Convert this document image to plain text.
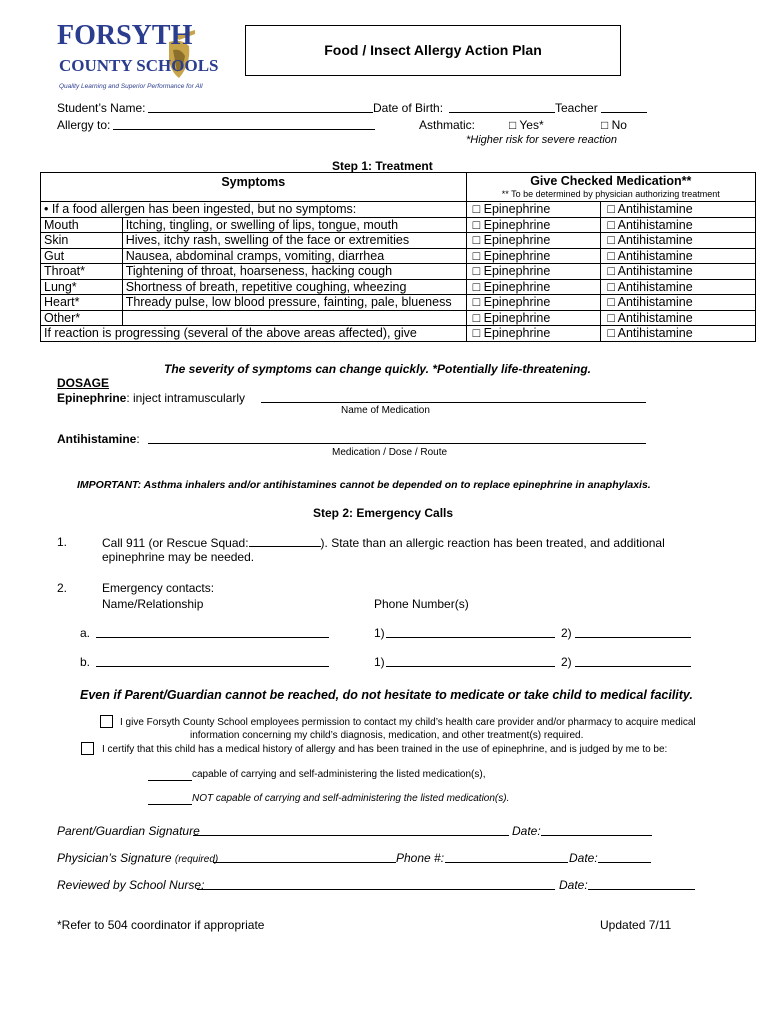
FORSYTH
COUNTY SCHOOLS
Quality Learning and Superior Performance for All
Food / Insect Allergy Action Plan
Student’s Name:	Date of Birth:	Teacher
Allergy to:	Asthmatic:	□ Yes*	□ No
*Higher risk for severe reaction
Step 1: Treatment
Symptoms		Give Checked Medication**
** To be determined by physician authorizing treatment	

• If a food allergen has been ingested, but no symptoms:		□ Epinephrine	□ Antihistamine
Mouth	Itching, tingling, or swelling of lips, tongue, mouth	□ Epinephrine	□ Antihistamine
Skin	Hives, itchy rash, swelling of the face or extremities	□ Epinephrine	□ Antihistamine
Gut	Nausea, abdominal cramps, vomiting, diarrhea	□ Epinephrine	□ Antihistamine
Throat*	Tightening of throat, hoarseness, hacking cough	□ Epinephrine	□ Antihistamine
Lung*	Shortness of breath, repetitive coughing, wheezing	□ Epinephrine	□ Antihistamine
Heart*	Thready pulse, low blood pressure, fainting, pale, blueness	□ Epinephrine	□ Antihistamine
Other*		□ Epinephrine	□ Antihistamine
If reaction is progressing (several of the above areas affected), give		□ Epinephrine	□ Antihistamine
The severity of symptoms can change quickly. *Potentially life-threatening.
DOSAGE
Epinephrine: inject intramuscularly
Name of Medication
Antihistamine:
Medication / Dose / Route
IMPORTANT: Asthma inhalers and/or antihistamines cannot be depended on to replace epinephrine in anaphylaxis.
Step 2: Emergency Calls
1.	Call 911 (or Rescue Squad:	). State than an allergic reaction has been treated, and additional
epinephrine may be needed.
2.	Emergency contacts:
Name/Relationship	Phone Number(s)
a.	1)	2)
b.	1)	2)
Even if Parent/Guardian cannot be reached, do not hesitate to medicate or take child to medical facility.
I give Forsyth County School employees permission to contact my child’s health care provider and/or pharmacy to acquire medical
information concerning my child’s diagnosis, medication, and other treatment(s) required.
I certify that this child has a medical history of allergy and has been trained in the use of epinephrine, and is judged by me to be:
capable of carrying and self-administering the listed medication(s),
NOT capable of carrying and self-administering the listed medication(s).
Parent/Guardian Signature	Date:
Physician’s Signature (required)	Phone #:	Date:
Reviewed by School Nurse:	Date:
*Refer to 504 coordinator if appropriate	Updated 7/11
